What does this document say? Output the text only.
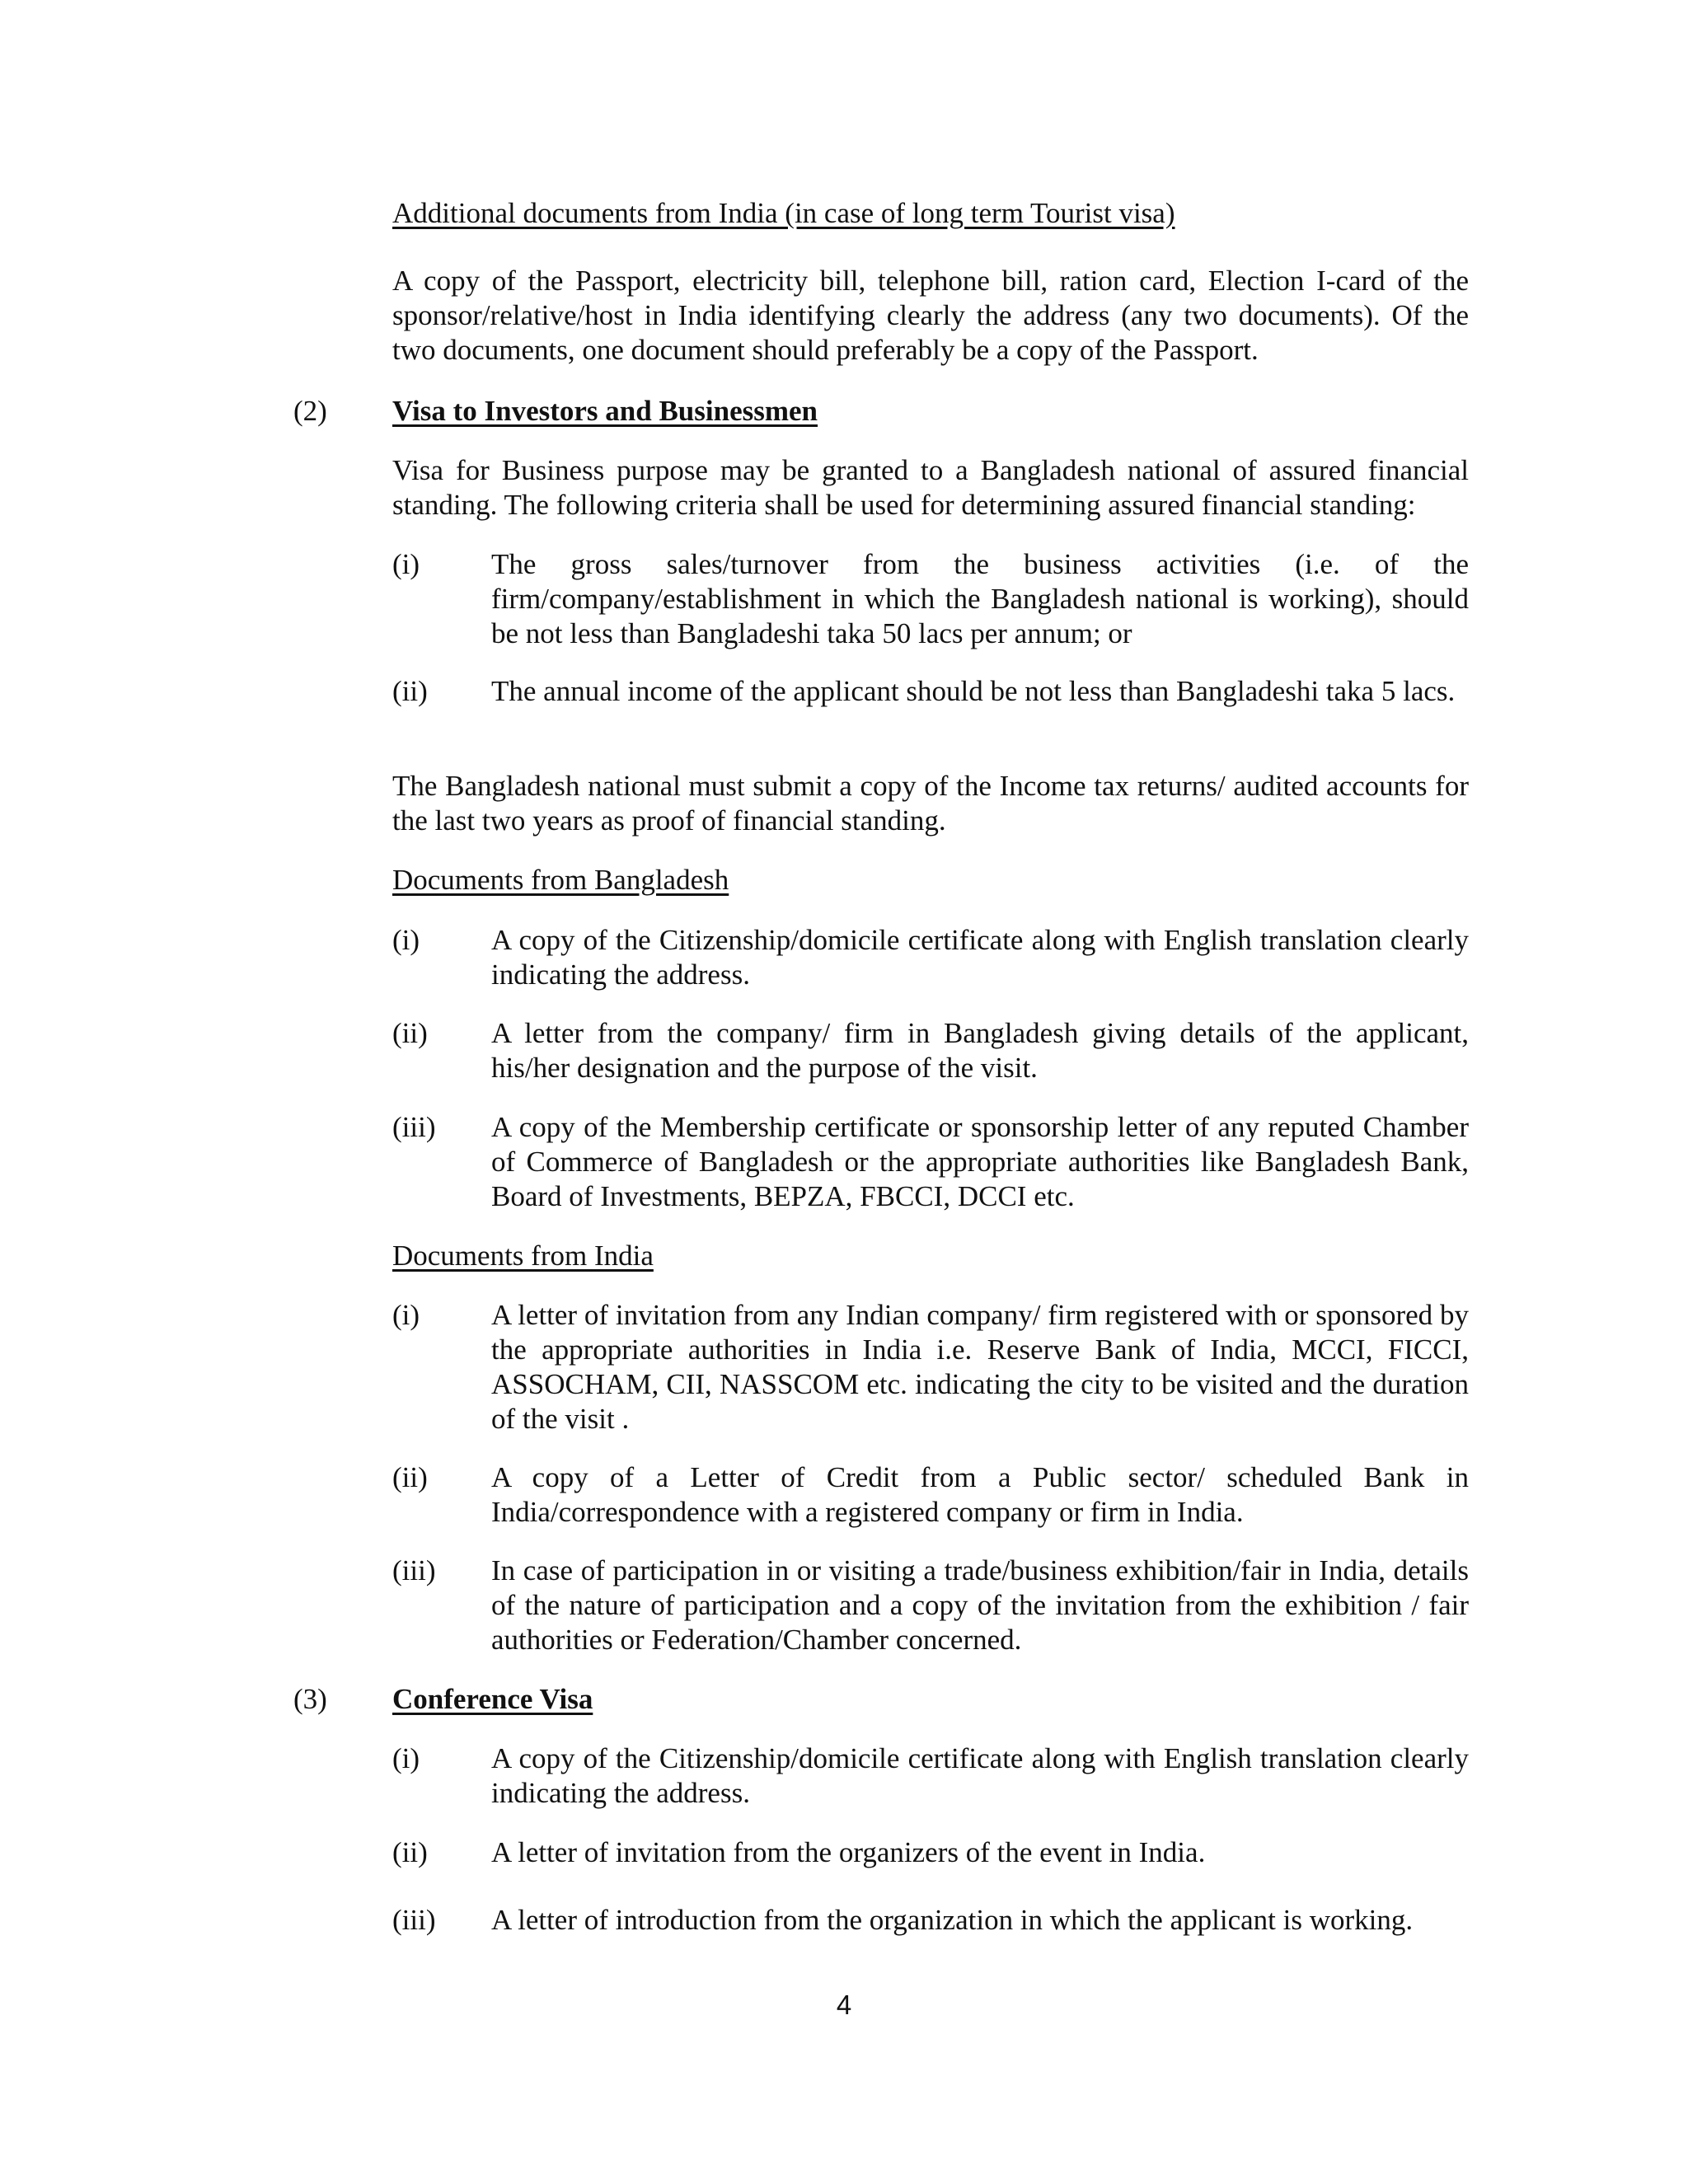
Additional documents from India (in case of long term Tourist visa)
A copy of the Passport, electricity bill, telephone bill, ration card, Election I-card of the sponsor/relative/host in India identifying clearly the address (any two documents). Of the two documents, one document should preferably be a copy of the Passport.
(2) Visa to Investors and Businessmen
Visa for Business purpose may be granted to a Bangladesh national of assured financial standing. The following criteria shall be used for determining assured financial standing:
(i) The gross sales/turnover from the business activities (i.e. of the firm/company/establishment in which the Bangladesh national is working), should be not less than Bangladeshi taka 50 lacs per annum; or
(ii) The annual income of the applicant should be not less than Bangladeshi taka 5 lacs.
The Bangladesh national must submit a copy of the Income tax returns/ audited accounts for the last two years as proof of financial standing.
Documents from Bangladesh
(i) A copy of the Citizenship/domicile certificate along with English translation clearly indicating the address.
(ii) A letter from the company/ firm in Bangladesh giving details of the applicant, his/her designation and the purpose of the visit.
(iii) A copy of the Membership certificate or sponsorship letter of any reputed Chamber of Commerce of Bangladesh or the appropriate authorities like Bangladesh Bank, Board of Investments, BEPZA, FBCCI, DCCI etc.
Documents from India
(i) A letter of invitation from any Indian company/ firm registered with or sponsored by the appropriate authorities in India i.e. Reserve Bank of India, MCCI, FICCI, ASSOCHAM, CII, NASSCOM etc. indicating the city to be visited and the duration of the visit .
(ii) A copy of a Letter of Credit from a Public sector/ scheduled Bank in India/correspondence with a registered company or firm in India.
(iii) In case of participation in or visiting a trade/business exhibition/fair in India, details of the nature of participation and a copy of the invitation from the exhibition / fair authorities or Federation/Chamber concerned.
(3) Conference Visa
(i) A copy of the Citizenship/domicile certificate along with English translation clearly indicating the address.
(ii) A letter of invitation from the organizers of the event in India.
(iii) A letter of introduction from the organization in which the applicant is working.
4
